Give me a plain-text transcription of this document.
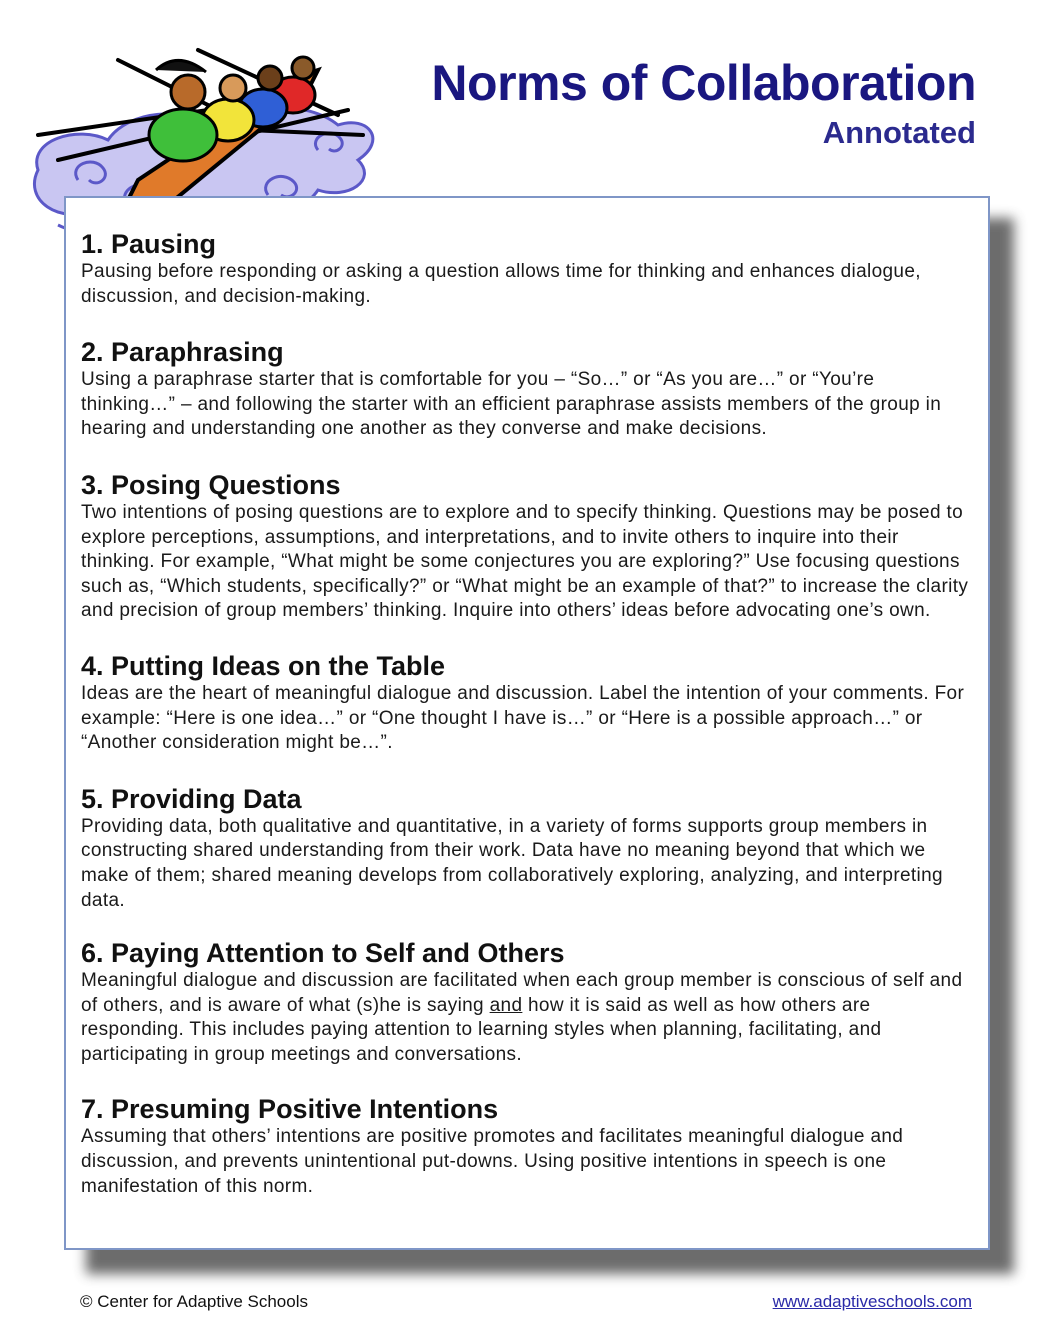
Norms of Collaboration
Annotated
1. Pausing

Pausing before responding or asking a question allows time for thinking and enhances dialogue, discussion, and decision-making.

2. Paraphrasing

Using a paraphrase starter that is comfortable for you – “So…” or “As you are…” or “You’re thinking…” – and following the starter with an efficient paraphrase assists members of the group in hearing and understanding one another as they converse and make decisions.

3. Posing Questions

Two intentions of posing questions are to explore and to specify thinking. Questions may be posed to explore perceptions, assumptions, and interpretations, and to invite others to inquire into their thinking. For example, “What might be some conjectures you are exploring?” Use focusing questions such as, “Which students, specifically?” or “What might be an example of that?” to increase the clarity and precision of group members’ thinking. Inquire into others’ ideas before advocating one’s own.

4. Putting Ideas on the Table

Ideas are the heart of meaningful dialogue and discussion. Label the intention of your comments. For example: “Here is one idea…” or “One thought I have is…” or “Here is a possible approach…” or “Another consideration might be…”.

5. Providing Data

Providing data, both qualitative and quantitative, in a variety of forms supports group members in constructing shared understanding from their work. Data have no meaning beyond that which we make of them; shared meaning develops from collaboratively exploring, analyzing, and interpreting data.

6. Paying Attention to Self and Others

Meaningful dialogue and discussion are facilitated when each group member is conscious of self and of others, and is aware of what (s)he is saying and how it is said as well as how others are responding. This includes paying attention to learning styles when planning, facilitating, and participating in group meetings and conversations.

7. Presuming Positive Intentions

Assuming that others’ intentions are positive promotes and facilitates meaningful dialogue and discussion, and prevents unintentional put-downs. Using positive intentions in speech is one manifestation of this norm.

© Center for Adaptive Schools	www.adaptiveschools.com
